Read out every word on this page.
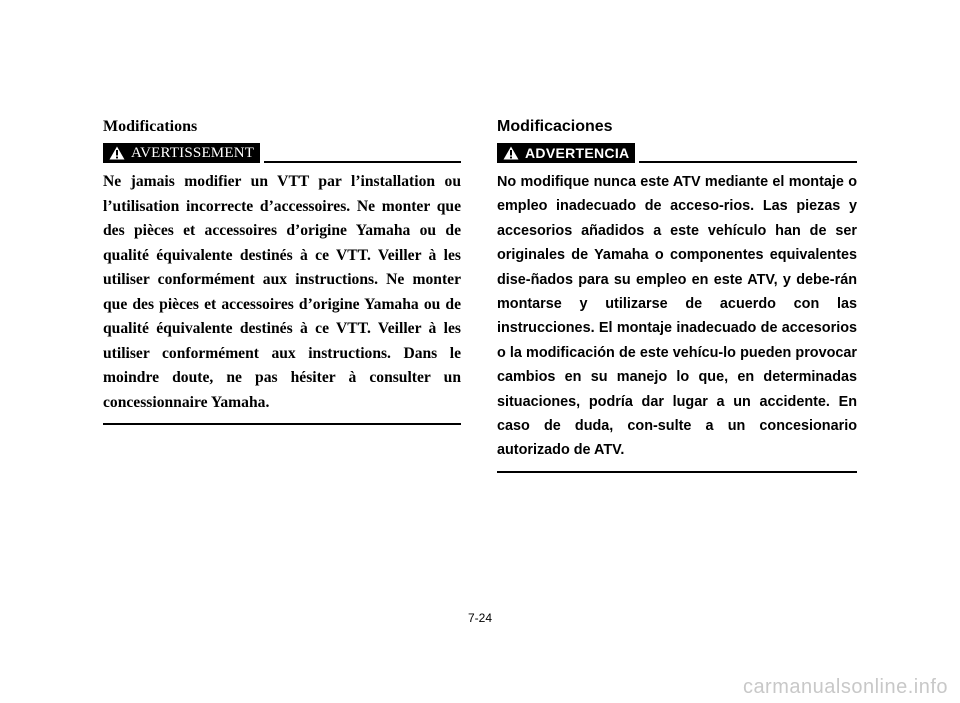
Modifications
AVERTISSEMENT

Ne jamais modifier un VTT par l’installation ou l’utilisation incorrecte d’accessoires. Ne monter que des pièces et accessoires d’origine Yamaha ou de qualité équivalente destinés à ce VTT. Veiller à les utiliser conformément aux instructions. Ne monter que des pièces et accessoires d’origine Yamaha ou de qualité équivalente destinés à ce VTT. Veiller à les utiliser conformément aux instructions. Dans le moindre doute, ne pas hésiter à consulter un concessionnaire Yamaha.

Modificaciones
ADVERTENCIA

No modifique nunca este ATV mediante el montaje o empleo inadecuado de acceso-rios. Las piezas y accesorios añadidos a este vehículo han de ser originales de Yamaha o componentes equivalentes dise-ñados para su empleo en este ATV, y debe-rán montarse y utilizarse de acuerdo con las instrucciones. El montaje inadecuado de accesorios o la modificación de este vehícu-lo pueden provocar cambios en su manejo lo que, en determinadas situaciones, podría dar lugar a un accidente. En caso de duda, con-sulte a un concesionario autorizado de ATV.

7-24
carmanualsonline.info
